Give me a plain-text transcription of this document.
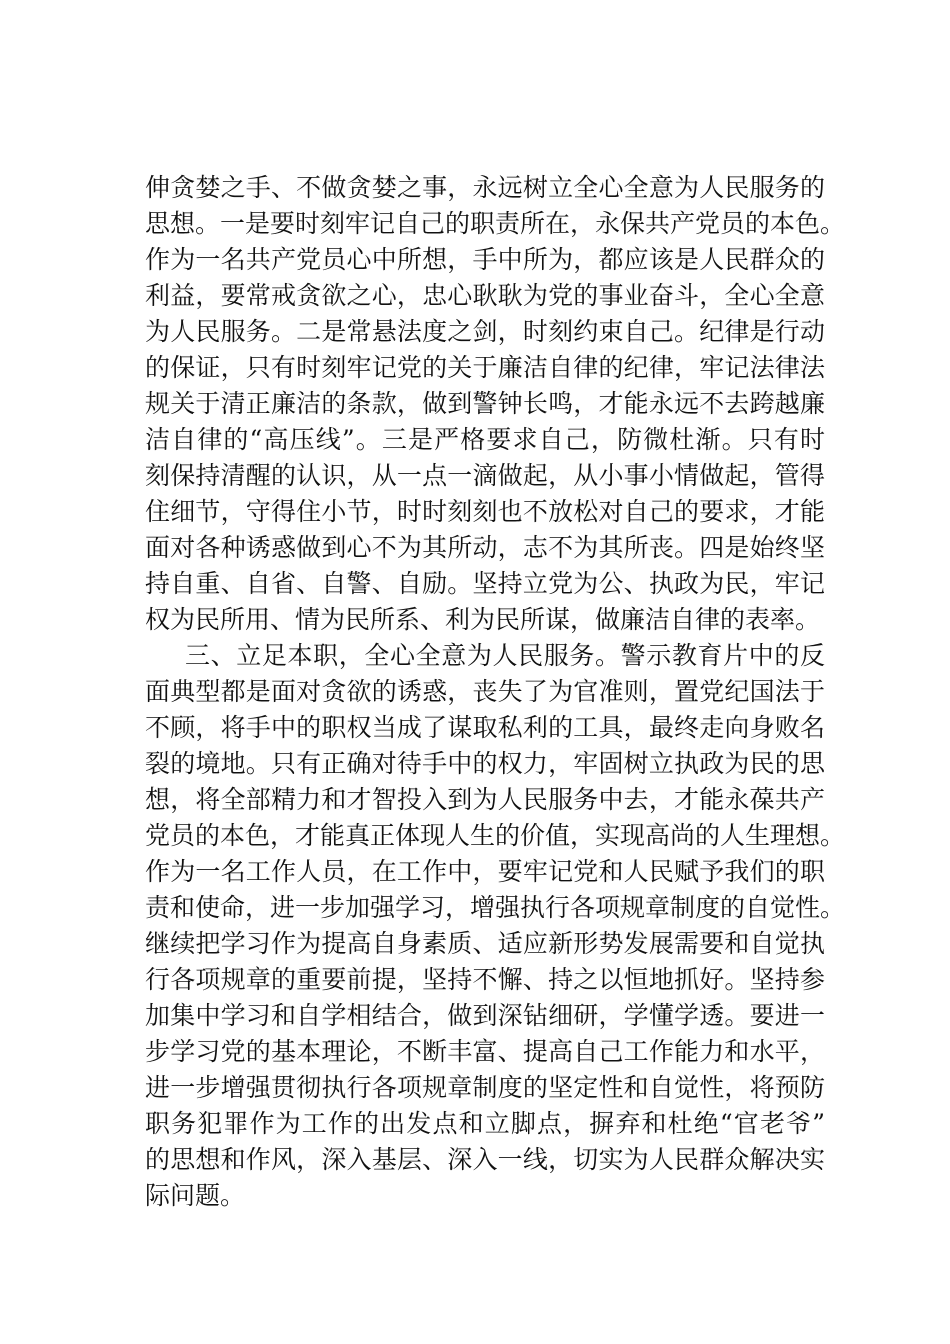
伸贪婪之手、不做贪婪之事，永远树立全心全意为人民服务的
思想。一是要时刻牢记自己的职责所在，永保共产党员的本色。
作为一名共产党员心中所想，手中所为，都应该是人民群众的
利益，要常戒贪欲之心，忠心耿耿为党的事业奋斗，全心全意
为人民服务。二是常悬法度之剑，时刻约束自己。纪律是行动
的保证，只有时刻牢记党的关于廉洁自律的纪律，牢记法律法
规关于清正廉洁的条款，做到警钟长鸣，才能永远不去跨越廉
洁自律的“高压线”。三是严格要求自己，防微杜渐。只有时
刻保持清醒的认识，从一点一滴做起，从小事小情做起，管得
住细节，守得住小节，时时刻刻也不放松对自己的要求，才能
面对各种诱惑做到心不为其所动，志不为其所丧。四是始终坚
持自重、自省、自警、自励。坚持立党为公、执政为民，牢记
权为民所用、情为民所系、利为民所谋，做廉洁自律的表率。
三、立足本职，全心全意为人民服务。警示教育片中的反
面典型都是面对贪欲的诱惑，丧失了为官准则，置党纪国法于
不顾，将手中的职权当成了谋取私利的工具，最终走向身败名
裂的境地。只有正确对待手中的权力，牢固树立执政为民的思
想，将全部精力和才智投入到为人民服务中去，才能永葆共产
党员的本色，才能真正体现人生的价值，实现高尚的人生理想。
作为一名工作人员，在工作中，要牢记党和人民赋予我们的职
责和使命，进一步加强学习，增强执行各项规章制度的自觉性。
继续把学习作为提高自身素质、适应新形势发展需要和自觉执
行各项规章的重要前提，坚持不懈、持之以恒地抓好。坚持参
加集中学习和自学相结合，做到深钻细研，学懂学透。要进一
步学习党的基本理论，不断丰富、提高自己工作能力和水平，
进一步增强贯彻执行各项规章制度的坚定性和自觉性，将预防
职务犯罪作为工作的出发点和立脚点，摒弃和杜绝“官老爷”
的思想和作风，深入基层、深入一线，切实为人民群众解决实
际问题。
